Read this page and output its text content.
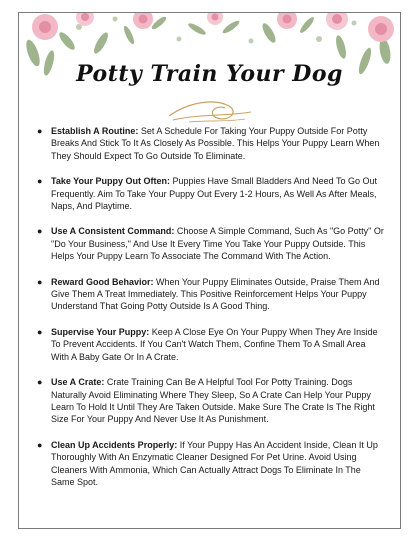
Potty Train Your Dog
● Establish A Routine: Set A Schedule For Taking Your Puppy Outside For Potty Breaks And Stick To It As Closely As Possible. This Helps Your Puppy Learn When They Should Expect To Go Outside To Eliminate.
● Take Your Puppy Out Often: Puppies Have Small Bladders And Need To Go Out Frequently. Aim To Take Your Puppy Out Every 1-2 Hours, As Well As After Meals, Naps, And Playtime.
● Use A Consistent Command: Choose A Simple Command, Such As "Go Potty" Or "Do Your Business," And Use It Every Time You Take Your Puppy Outside. This Helps Your Puppy Learn To Associate The Command With The Action.
● Reward Good Behavior: When Your Puppy Eliminates Outside, Praise Them And Give Them A Treat Immediately. This Positive Reinforcement Helps Your Puppy Understand That Going Potty Outside Is A Good Thing.
● Supervise Your Puppy: Keep A Close Eye On Your Puppy When They Are Inside To Prevent Accidents. If You Can't Watch Them, Confine Them To A Small Area With A Baby Gate Or In A Crate.
● Use A Crate: Crate Training Can Be A Helpful Tool For Potty Training. Dogs Naturally Avoid Eliminating Where They Sleep, So A Crate Can Help Your Puppy Learn To Hold It Until They Are Taken Outside. Make Sure The Crate Is The Right Size For Your Puppy And Never Use It As Punishment.
● Clean Up Accidents Properly: If Your Puppy Has An Accident Inside, Clean It Up Thoroughly With An Enzymatic Cleaner Designed For Pet Urine. Avoid Using Cleaners With Ammonia, Which Can Actually Attract Dogs To Eliminate In The Same Spot.
